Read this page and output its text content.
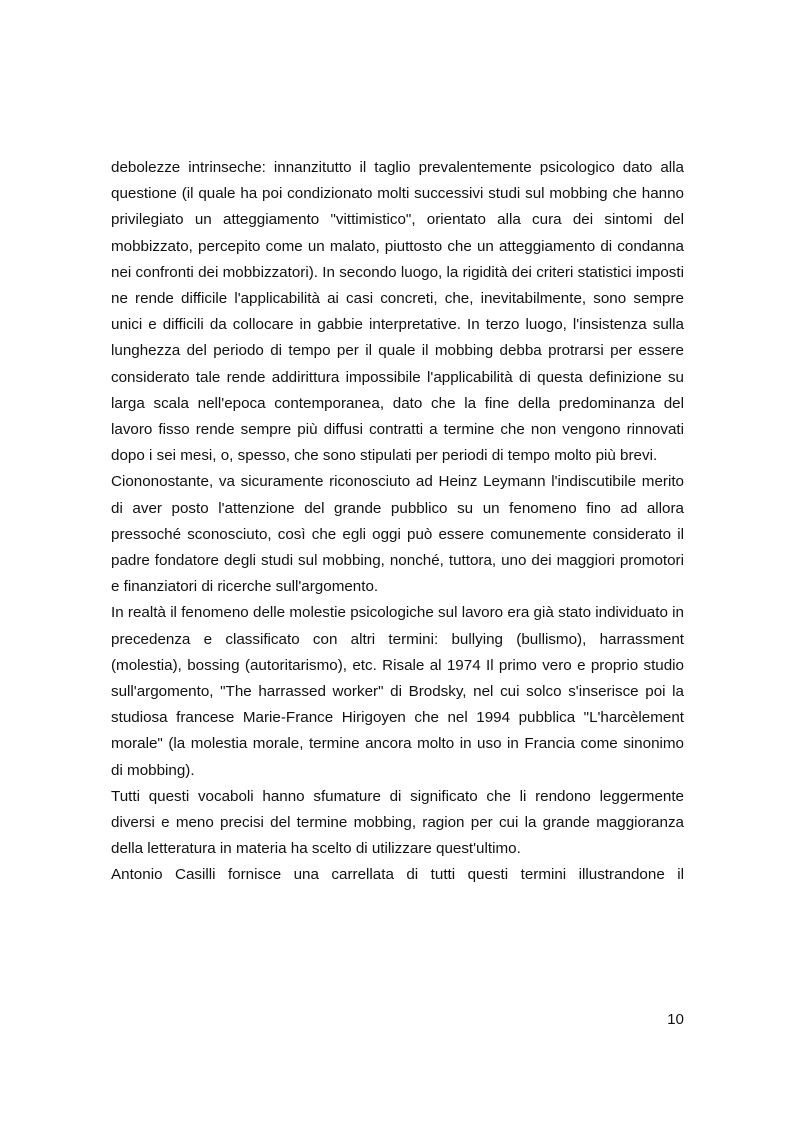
debolezze intrinseche: innanzitutto il taglio prevalentemente psicologico dato alla questione (il quale ha poi condizionato molti successivi studi sul mobbing che hanno privilegiato un atteggiamento "vittimistico", orientato alla cura dei sintomi del mobbizzato, percepito come un malato, piuttosto che un atteggiamento di condanna nei confronti dei mobbizzatori). In secondo luogo, la rigidità dei criteri statistici imposti ne rende difficile l'applicabilità ai casi concreti, che, inevitabilmente, sono sempre unici e difficili da collocare in gabbie interpretative. In terzo luogo, l'insistenza sulla lunghezza del periodo di tempo per il quale il mobbing debba protrarsi per essere considerato tale rende addirittura impossibile l'applicabilità di questa definizione su larga scala nell'epoca contemporanea, dato che la fine della predominanza del lavoro fisso rende sempre più diffusi contratti a termine che non vengono rinnovati dopo i sei mesi, o, spesso, che sono stipulati per periodi di tempo molto più brevi.

Ciononostante, va sicuramente riconosciuto ad Heinz Leymann l'indiscutibile merito di aver posto l'attenzione del grande pubblico su un fenomeno fino ad allora pressoché sconosciuto, così che egli oggi può essere comunemente considerato il padre fondatore degli studi sul mobbing, nonché, tuttora, uno dei maggiori promotori e finanziatori di ricerche sull'argomento.

In realtà il fenomeno delle molestie psicologiche sul lavoro era già stato individuato in precedenza e classificato con altri termini: bullying (bullismo), harrassment (molestia), bossing (autoritarismo), etc. Risale al 1974 Il primo vero e proprio studio sull'argomento, "The harrassed worker" di Brodsky, nel cui solco s'inserisce poi la studiosa francese Marie-France Hirigoyen che nel 1994 pubblica "L'harcèlement morale" (la molestia morale, termine ancora molto in uso in Francia come sinonimo di mobbing).

Tutti questi vocaboli hanno sfumature di significato che li rendono leggermente diversi e meno precisi del termine mobbing, ragion per cui la grande maggioranza della letteratura in materia ha scelto di utilizzare quest'ultimo.

Antonio Casilli fornisce una carrellata di tutti questi termini illustrandone il

10
